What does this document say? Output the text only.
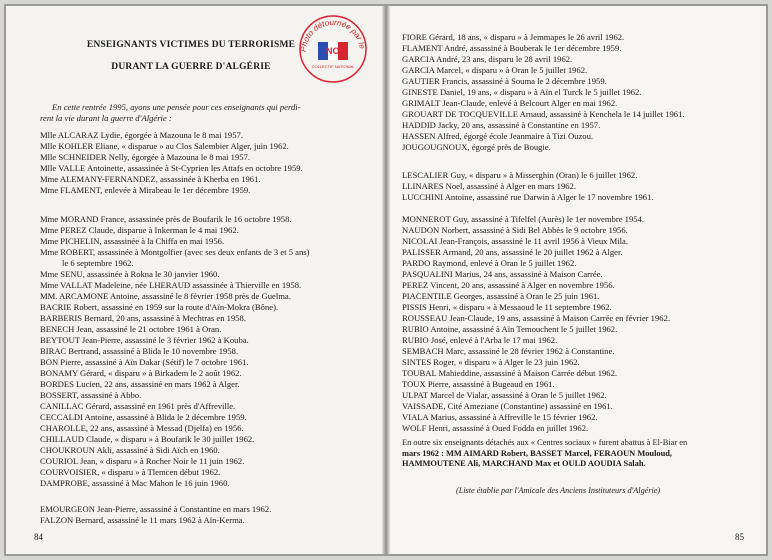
ENSEIGNANTS VICTIMES DU TERRORISME
DURANT LA GUERRE D'ALGÉRIE
Photo détournée par le
NON
COLLECTIF NATIONAL
En cette rentrée 1995, ayons une pensée pour ces enseignants qui perdi-
rent la vie durant la guerre d'Algérie :
Mlle ALCARAZ Lydie, égorgée à Mazouna le 8 mai 1957.
Mlle KOHLER Eliane, « disparue » au Clos Salembier Alger, juin 1962.
Mlle SCHNEIDER Nelly, égorgée à Mazouna le 8 mai 1957.
Mlle VALLE Antoinette, assassinée à St-Cyprien les Attafs en octobre 1959.
Mme ALEMANY-FERNANDEZ, assassinée à Kherba en 1961.
Mme FLAMENT, enlevée à Mirabeau le 1er décembre 1959.
Mme MORAND France, assassinée près de Boufarik le 16 octobre 1958.
Mme PEREZ Claude, disparue à Inkerman le 4 mai 1962.
Mme PICHELIN, assassinée à la Chiffa en mai 1956.
Mme ROBERT, assassinée à Montgolfier (avec ses deux enfants de 3 et 5 ans)
le 6 septembre 1962.
Mme SENU, assassinée à Rokna le 30 janvier 1960.
Mme VALLAT Madeleine, née LHERAUD assassinée à Thierville en 1958.
MM. ARCAMONE Antoine, assassiné le 8 février 1958 près de Guelma.
BACRIE Robert, assassiné en 1959 sur la route d'Aïn-Mokra (Bône).
BARBERIS Bernard, 20 ans, assassiné à Mechtras en 1958.
BENECH Jean, assassiné le 21 octobre 1961 à Oran.
BEYTOUT Jean-Pierre, assassiné le 3 février 1962 à Kouba.
BIRAC Bertrand, assassiné à Blida le 10 novembre 1958.
BON Pierre, assassiné à Aïn Dakar (Sétif) le 7 octobre 1961.
BONAMY Gérard, « disparu » à Birkadem le 2 août 1962.
BORDES Lucien, 22 ans, assassiné en mars 1962 à Alger.
BOSSERT, assassiné à Abbo.
CANILLAC Gérard, assassiné en 1961 près d'Affreville.
CECCALDI Antoine, assassiné à Blida le 2 décembre 1959.
CHAROLLE, 22 ans, assassiné à Messad (Djelfa) en 1956.
CHILLAUD Claude, « disparu » à Boufarik le 30 juillet 1962.
CHOUKROUN Akli, assassiné à Sidi Aïch en 1960.
COURIOL Jean, « disparu » à Rocher Noir le 11 juin 1962.
COURVOISIER, « disparu » à Tlemcen début 1962.
DAMPROBE, assassiné à Mac Mahon le 16 juin 1960.
EMOURGEON Jean-Pierre, assassiné à Constantine en mars 1962.
FALZON Bernard, assassiné le 11 mars 1962 à Aïn-Kerma.
84
FIORE Gérard, 18 ans, « disparu » à Jemmapes le 26 avril 1962.
FLAMENT André, assassiné à Bouberak le 1er décembre 1959.
GARCIA André, 23 ans, disparu le 28 avril 1962.
GARCIA Marcel, « disparu » à Oran le 5 juillet 1962.
GAUTIER Francis, assassiné à Souma le 2 décembre 1959.
GINESTE Daniel, 19 ans, « disparu » à Aïn el Turck le 5 juillet 1962.
GRIMALT Jean-Claude, enlevé à Belcourt Alger en mai 1962.
GROUART DE TOCQUEVILLE Arnaud, assassiné à Kenchela le 14 juillet 1961.
HADDID Jacky, 20 ans, assassiné à Constantine en 1957.
HASSEN Alfred, égorgé école Jeanmaire à Tizi Ouzou.
JOUGOUGNOUX, égorgé près de Bougie.
LESCALIER Guy, « disparu » à Misserghin (Oran) le 6 juillet 1962.
LLINARES Noel, assassiné à Alger en mars 1962.
LUCCHINI Antoine, assassiné rue Darwin à Alger le 17 novembre 1961.
MONNEROT Guy, assassiné à Tifelfel (Aurès) le 1er novembre 1954.
NAUDON Norbert, assassiné à Sidi Bel Abbès le 9 octobre 1956.
NICOLAI Jean-François, assassiné le 11 avril 1956 à Vieux Mila.
PALISSER Armand, 20 ans, assassiné le 20 juillet 1962 à Alger.
PARDO Raymond, enlevé à Oran le 5 juillet 1962.
PASQUALINI Marius, 24 ans, assassiné à Maison Carrée.
PEREZ Vincent, 20 ans, assassiné à Alger en novembre 1956.
PIACENTILE Georges, assassiné à Oran le 25 juin 1961.
PISSIS Henri, « disparu » à Messaoud le 11 septembre 1962.
ROUSSEAU Jean-Claude, 19 ans, assassiné à Maison Carrée en février 1962.
RUBIO Antoine, assassiné à Aïn Temouchent le 5 juillet 1962.
RUBIO José, enlevé à l'Arba le 17 mai 1962.
SEMBACH Marc, assassiné le 28 février 1962 à Constantine.
SINTES Roger, « disparu » à Alger le 23 juin 1962.
TOUBAL Mahieddine, assassiné à Maison Carrée début 1962.
TOUX Pierre, assassiné à Bugeaud en 1961.
ULPAT Marcel de Vialar, assassiné à Oran le 5 juillet 1962.
VAISSADE, Cité Ameziane (Constantine) assassiné en 1961.
VIALA Marius, assassiné à Affreville le 15 février 1962.
WOLF Henri, assassiné à Oued Fodda en juillet 1962.
En outre six enseignants détachés aux « Centres sociaux » furent abattus à El-Biar en
mars 1962 : MM AIMARD Robert, BASSET Marcel, FERAOUN Mouloud,
HAMMOUTENE Ali, MARCHAND Max et OULD AOUDIA Salah.
(Liste établie par l'Amicale des Anciens Instituteurs d'Algérie)
85
